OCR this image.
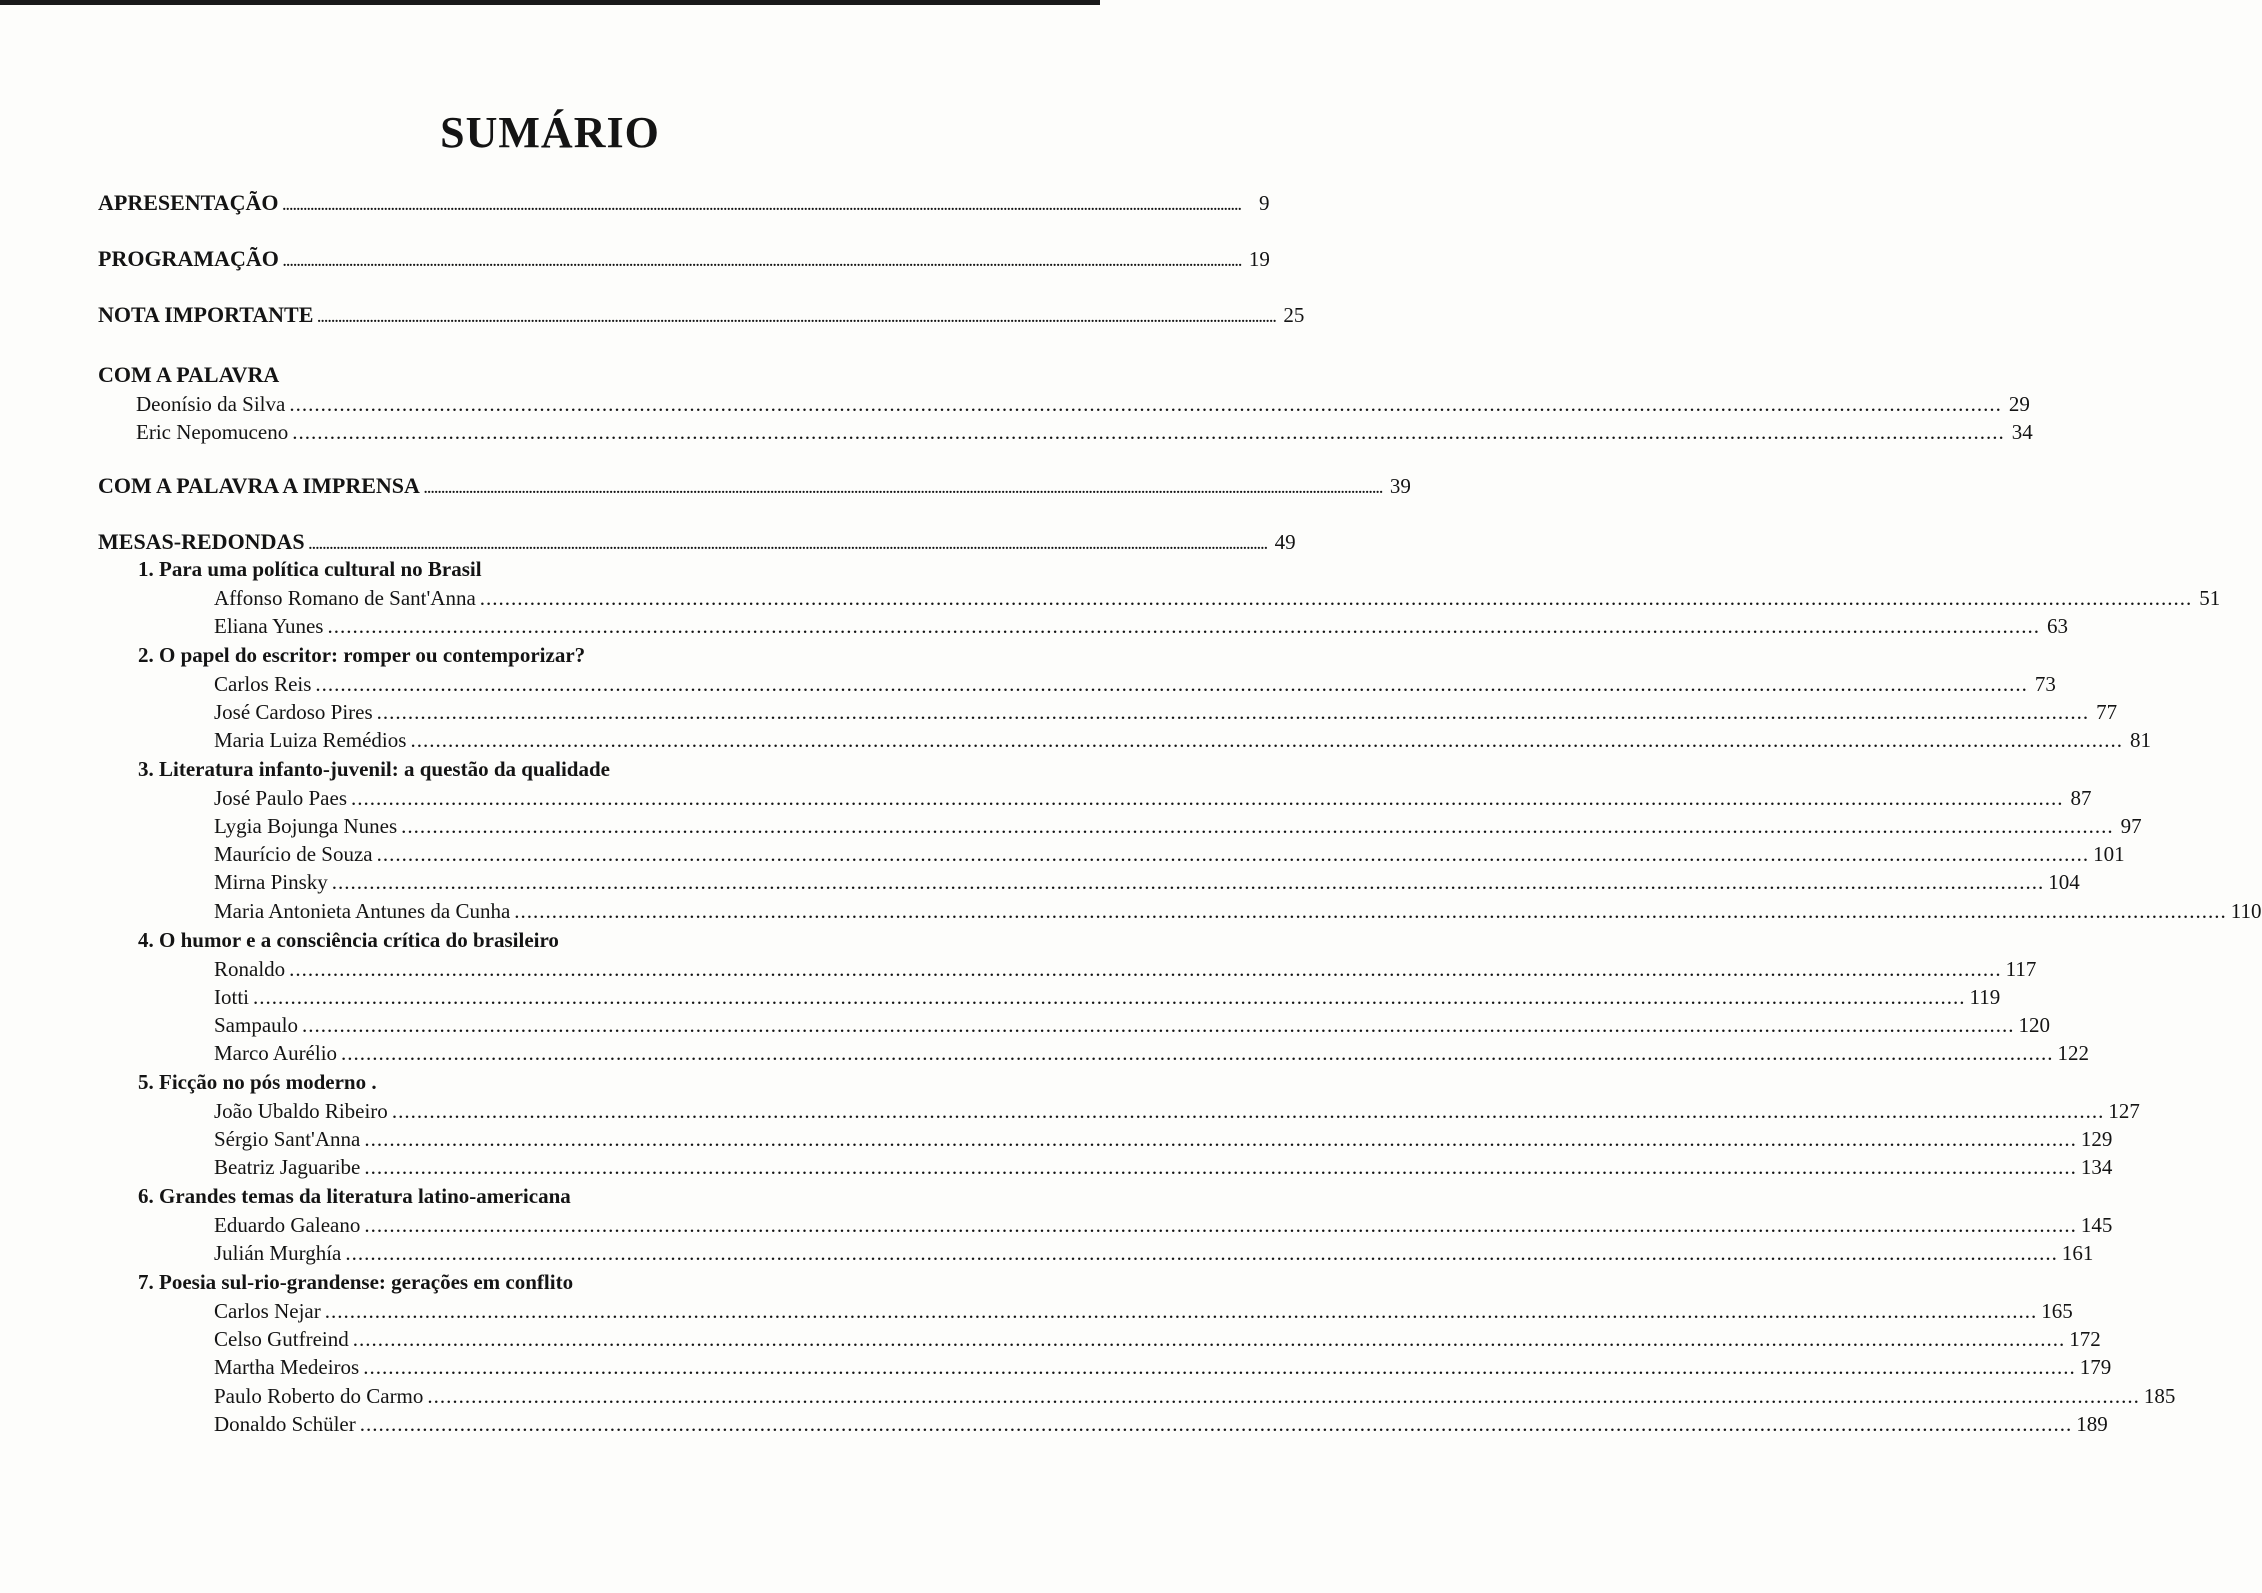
SUMÁRIO
APRESENTAÇÃO .................................................................................................................................................................................................................................................................................. 9
PROGRAMAÇÃO .................................................................................................................................................................................................................................................................................. 19
NOTA IMPORTANTE .................................................................................................................................................................................................................................................................................. 25
COM A PALAVRA
Deonísio da Silva .................................................................................................................................................................................................................................................................................. 29
Eric Nepomuceno .................................................................................................................................................................................................................................................................................. 34
COM A PALAVRA A IMPRENSA .................................................................................................................................................................................................................................................................................. 39
MESAS-REDONDAS .................................................................................................................................................................................................................................................................................. 49
1. Para uma política cultural no Brasil
Affonso Romano de Sant'Anna .................................................................................................................................................................................................................................................................................. 51
Eliana Yunes .................................................................................................................................................................................................................................................................................. 63
2. O papel do escritor: romper ou contemporizar?
Carlos Reis .................................................................................................................................................................................................................................................................................. 73
José Cardoso Pires .................................................................................................................................................................................................................................................................................. 77
Maria Luiza Remédios .................................................................................................................................................................................................................................................................................. 81
3. Literatura infanto-juvenil: a questão da qualidade
José Paulo Paes .................................................................................................................................................................................................................................................................................. 87
Lygia Bojunga Nunes .................................................................................................................................................................................................................................................................................. 97
Maurício de Souza .................................................................................................................................................................................................................................................................................. 101
Mirna Pinsky .................................................................................................................................................................................................................................................................................. 104
Maria Antonieta Antunes da Cunha .................................................................................................................................................................................................................................................................................. 110
4. O humor e a consciência crítica do brasileiro
Ronaldo .................................................................................................................................................................................................................................................................................. 117
Iotti .................................................................................................................................................................................................................................................................................. 119
Sampaulo .................................................................................................................................................................................................................................................................................. 120
Marco Aurélio .................................................................................................................................................................................................................................................................................. 122
5. Ficção no pós moderno .
João Ubaldo Ribeiro .................................................................................................................................................................................................................................................................................. 127
Sérgio Sant'Anna .................................................................................................................................................................................................................................................................................. 129
Beatriz Jaguaribe .................................................................................................................................................................................................................................................................................. 134
6. Grandes temas da literatura latino-americana
Eduardo Galeano .................................................................................................................................................................................................................................................................................. 145
Julián Murghía .................................................................................................................................................................................................................................................................................. 161
7. Poesia sul-rio-grandense: gerações em conflito
Carlos Nejar .................................................................................................................................................................................................................................................................................. 165
Celso Gutfreind .................................................................................................................................................................................................................................................................................. 172
Martha Medeiros .................................................................................................................................................................................................................................................................................. 179
Paulo Roberto do Carmo .................................................................................................................................................................................................................................................................................. 185
Donaldo Schüler .................................................................................................................................................................................................................................................................................. 189
